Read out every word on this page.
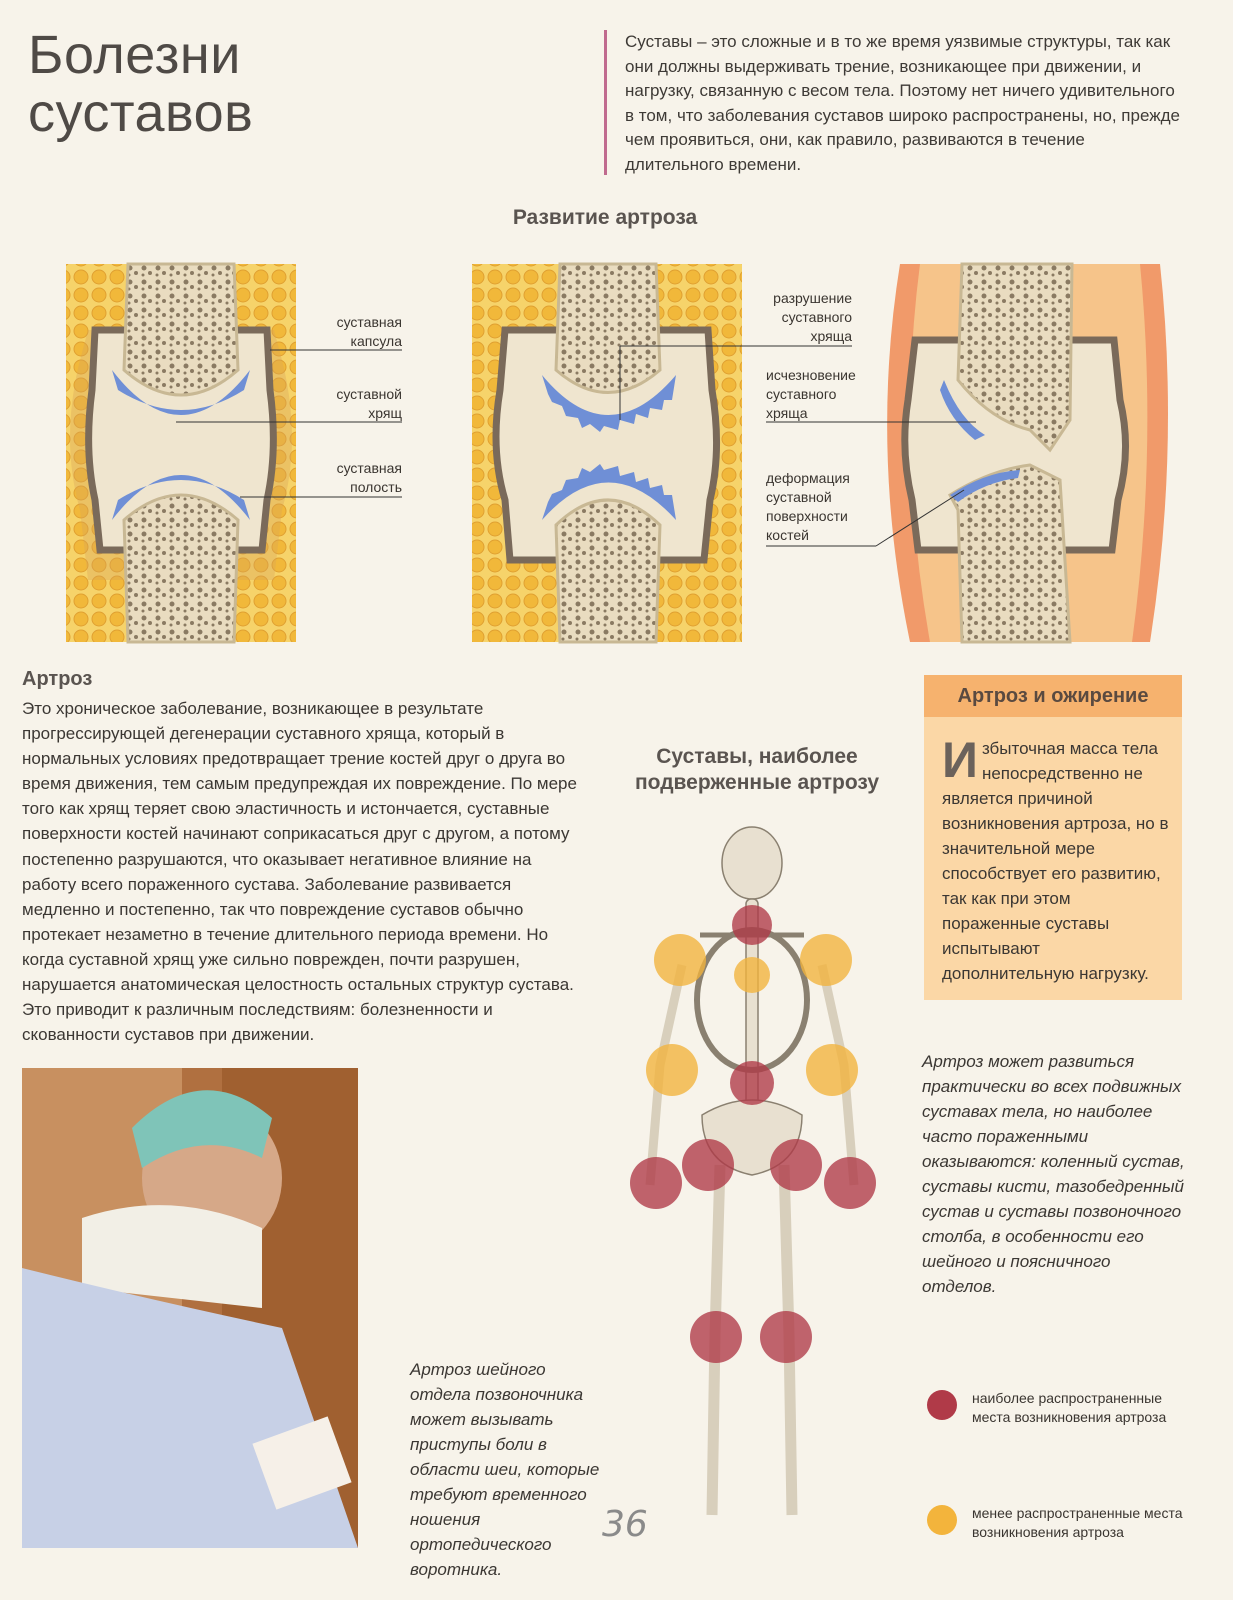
Болезни
суставов
Суставы – это сложные и в то же время уязвимые структуры, так как они должны выдерживать трение, возникающее при движении, и нагрузку, связанную с весом тела. Поэтому нет ничего удивительного в том, что заболевания суставов широко распространены, но, прежде чем проявиться, они, как правило, развиваются в течение длительного времени.
Развитие артроза
суставная капсула
суставной хрящ
суставная полость
разрушение суставного хряща
исчезновение суставного хряща
деформация суставной поверхности костей
Артроз
Это хроническое заболевание, возникающее в результате прогрессирующей дегенерации суставного хряща, который в нормальных условиях предотвращает трение костей друг о друга во время движения, тем самым предупреждая их повреждение. По мере того как хрящ теряет свою эластичность и истончается, суставные поверхности костей начинают соприкасаться друг с другом, а потому постепенно разрушаются, что оказывает негативное влияние на работу всего пораженного сустава. Заболевание развивается медленно и постепенно, так что повреждение суставов обычно протекает незаметно в течение длительного периода времени. Но когда суставной хрящ уже сильно поврежден, почти разрушен, нарушается анатомическая целостность остальных структур сустава. Это приводит к различным последствиям: болезненности и скованности суставов при движении.
Артроз и ожирение
Избыточная масса тела непосредственно не является причиной возникновения артроза, но в значительной мере способствует его развитию, так как при этом пораженные суставы испытывают дополнительную нагрузку.
Суставы, наиболее
подверженные артрозу
Артроз может развиться практически во всех подвижных суставах тела, но наиболее часто пораженными оказываются: коленный сустав, суставы кисти, тазобедренный сустав и суставы позвоночного столба, в особенности его шейного и поясничного отделов.
Артроз шейного отдела позвоночника может вызывать приступы боли в области шеи, которые требуют временного ношения ортопедического воротника.
36
наиболее распространенные места возникновения артроза
менее распространенные места возникновения артроза
